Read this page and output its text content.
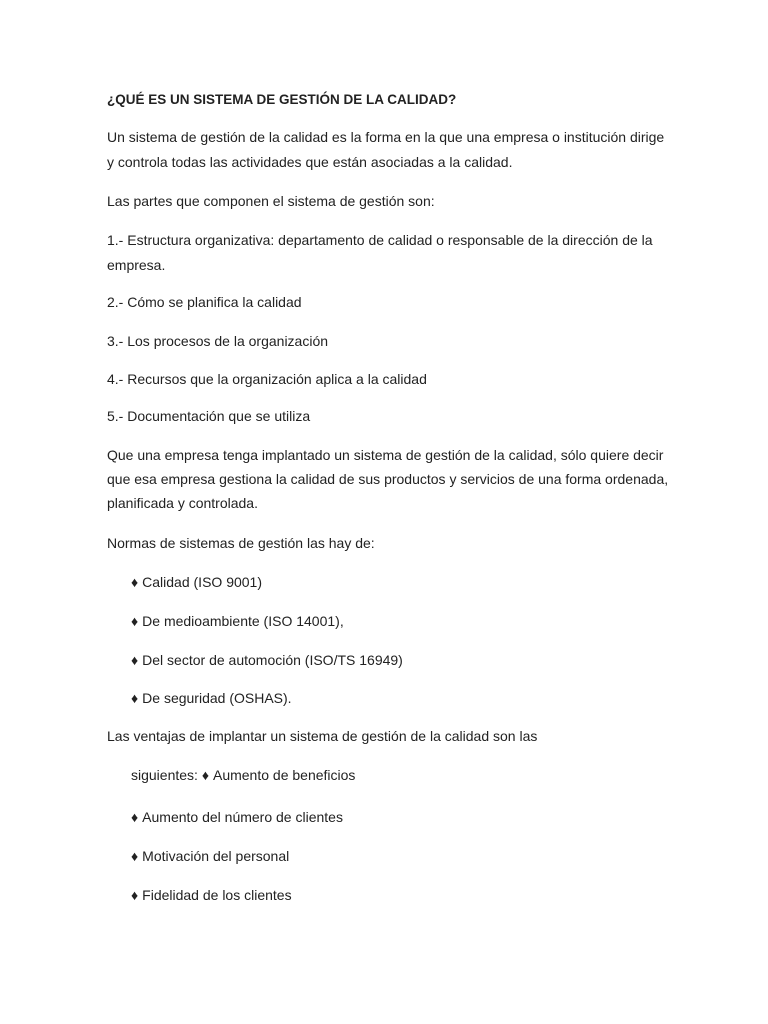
¿QUÉ ES UN SISTEMA DE GESTIÓN DE LA CALIDAD?

Un sistema de gestión de la calidad es la forma en la que una empresa o institución dirige

y controla todas las actividades que están asociadas a la calidad.

Las partes que componen el sistema de gestión son:

1.- Estructura organizativa: departamento de calidad o responsable de la dirección de la

empresa.

2.- Cómo se planifica la calidad

3.- Los procesos de la organización

4.- Recursos que la organización aplica a la calidad

5.- Documentación que se utiliza

Que una empresa tenga implantado un sistema de gestión de la calidad, sólo quiere decir

que esa empresa gestiona la calidad de sus productos y servicios de una forma ordenada,

planificada y controlada.

Normas de sistemas de gestión las hay de:

♦ Calidad (ISO 9001)

♦ De medioambiente (ISO 14001),

♦ Del sector de automoción (ISO/TS 16949)

♦ De seguridad (OSHAS).

Las ventajas de implantar un sistema de gestión de la calidad son las

siguientes: ♦ Aumento de beneficios

♦ Aumento del número de clientes

♦ Motivación del personal

♦ Fidelidad de los clientes
